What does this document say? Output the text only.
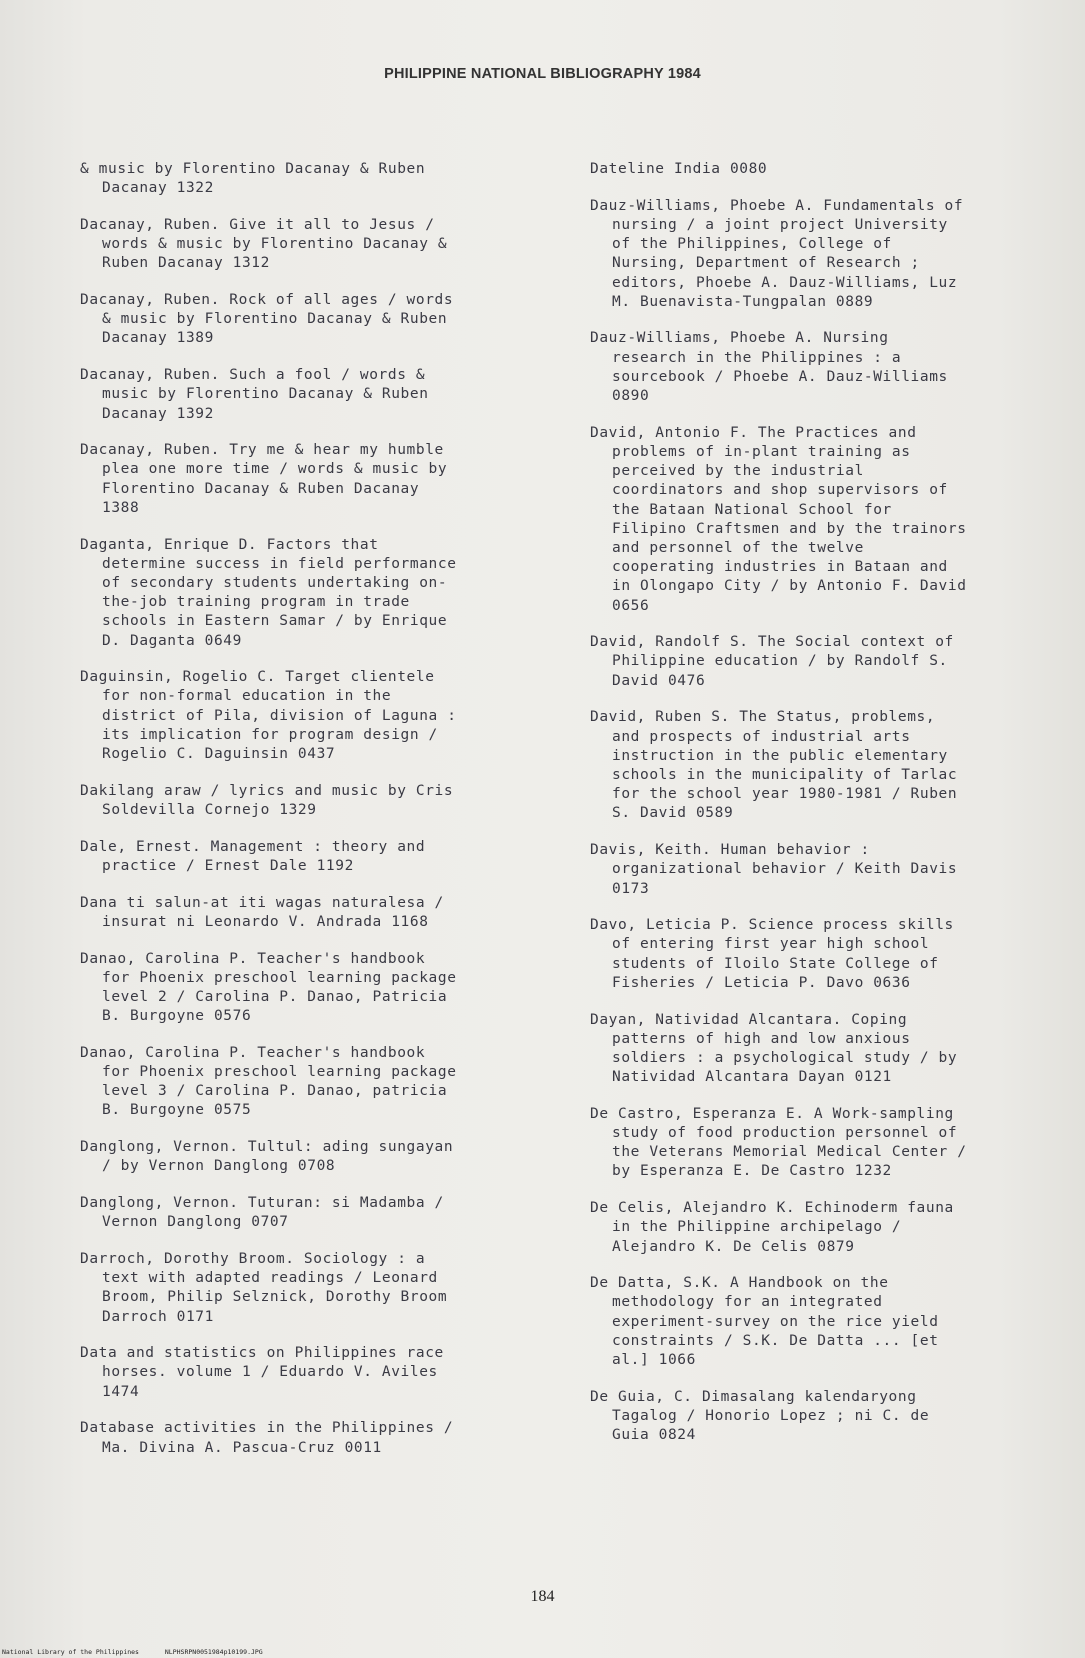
PHILIPPINE NATIONAL BIBLIOGRAPHY 1984
& music by Florentino Dacanay & Ruben
Dacanay 1322
Dacanay, Ruben. Give it all to Jesus /
words & music by Florentino Dacanay &
Ruben Dacanay 1312
Dacanay, Ruben. Rock of all ages / words
& music by Florentino Dacanay & Ruben
Dacanay 1389
Dacanay, Ruben. Such a fool / words &
music by Florentino Dacanay & Ruben
Dacanay 1392
Dacanay, Ruben. Try me & hear my humble
plea one more time / words & music by
Florentino Dacanay & Ruben Dacanay
1388
Daganta, Enrique D. Factors that
determine success in field performance
of secondary students undertaking on-
the-job training program in trade
schools in Eastern Samar / by Enrique
D. Daganta 0649
Daguinsin, Rogelio C. Target clientele
for non-formal education in the
district of Pila, division of Laguna :
its implication for program design /
Rogelio C. Daguinsin 0437
Dakilang araw / lyrics and music by Cris
Soldevilla Cornejo 1329
Dale, Ernest. Management : theory and
practice / Ernest Dale 1192
Dana ti salun-at iti wagas naturalesa /
insurat ni Leonardo V. Andrada 1168
Danao, Carolina P. Teacher's handbook
for Phoenix preschool learning package
level 2 / Carolina P. Danao, Patricia
B. Burgoyne 0576
Danao, Carolina P. Teacher's handbook
for Phoenix preschool learning package
level 3 / Carolina P. Danao, patricia
B. Burgoyne 0575
Danglong, Vernon. Tultul: ading sungayan
/ by Vernon Danglong 0708
Danglong, Vernon. Tuturan: si Madamba /
Vernon Danglong 0707
Darroch, Dorothy Broom. Sociology : a
text with adapted readings / Leonard
Broom, Philip Selznick, Dorothy Broom
Darroch 0171
Data and statistics on Philippines race
horses. volume 1 / Eduardo V. Aviles
1474
Database activities in the Philippines /
Ma. Divina A. Pascua-Cruz 0011
Dateline India 0080
Dauz-Williams, Phoebe A. Fundamentals of
nursing / a joint project University
of the Philippines, College of
Nursing, Department of Research ;
editors, Phoebe A. Dauz-Williams, Luz
M. Buenavista-Tungpalan 0889
Dauz-Williams, Phoebe A. Nursing
research in the Philippines : a
sourcebook / Phoebe A. Dauz-Williams
0890
David, Antonio F. The Practices and
problems of in-plant training as
perceived by the industrial
coordinators and shop supervisors of
the Bataan National School for
Filipino Craftsmen and by the trainors
and personnel of the twelve
cooperating industries in Bataan and
in Olongapo City / by Antonio F. David
0656
David, Randolf S. The Social context of
Philippine education / by Randolf S.
David 0476
David, Ruben S. The Status, problems,
and prospects of industrial arts
instruction in the public elementary
schools in the municipality of Tarlac
for the school year 1980-1981 / Ruben
S. David 0589
Davis, Keith. Human behavior :
organizational behavior / Keith Davis
0173
Davo, Leticia P. Science process skills
of entering first year high school
students of Iloilo State College of
Fisheries / Leticia P. Davo 0636
Dayan, Natividad Alcantara. Coping
patterns of high and low anxious
soldiers : a psychological study / by
Natividad Alcantara Dayan 0121
De Castro, Esperanza E. A Work-sampling
study of food production personnel of
the Veterans Memorial Medical Center /
by Esperanza E. De Castro 1232
De Celis, Alejandro K. Echinoderm fauna
in the Philippine archipelago /
Alejandro K. De Celis 0879
De Datta, S.K. A Handbook on the
methodology for an integrated
experiment-survey on the rice yield
constraints / S.K. De Datta ... [et
al.] 1066
De Guia, C. Dimasalang kalendaryong
Tagalog / Honorio Lopez ; ni C. de
Guia 0824
184
National Library of the Philippines	NLPHSRPN0051984p10199.JPG
